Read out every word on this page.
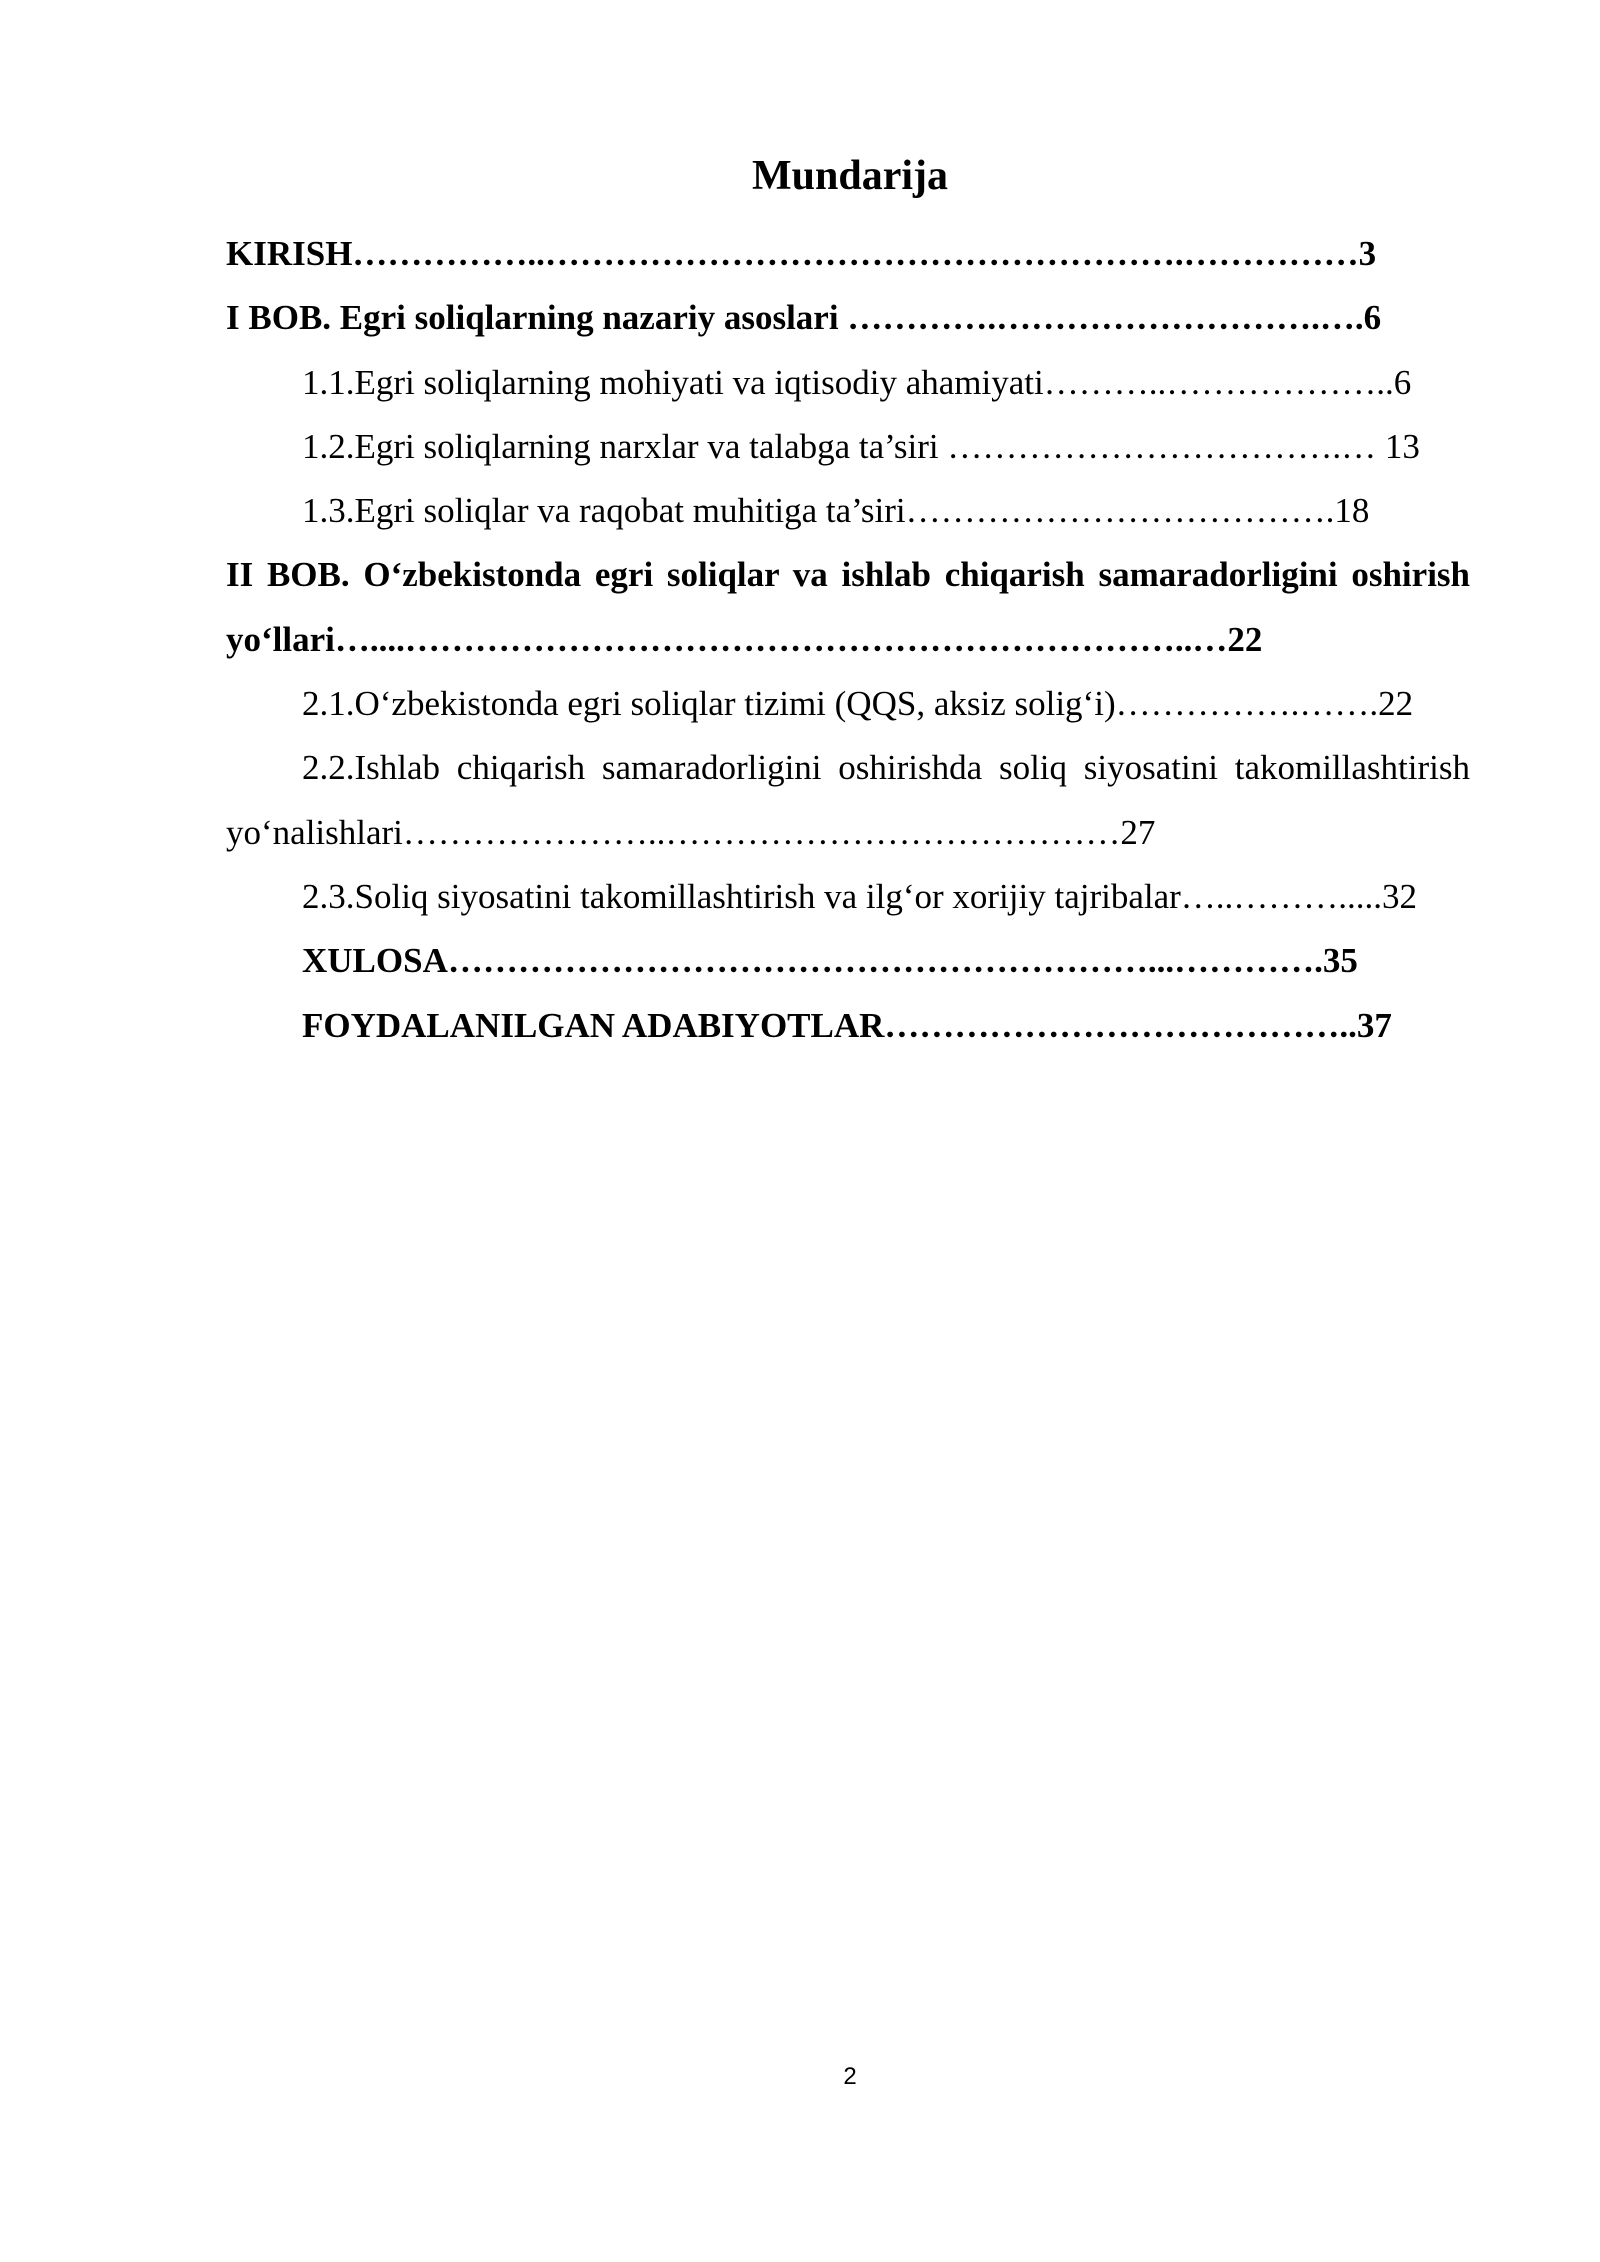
Mundarija

KIRISH……………..……………………………………………….……………3

I BOB. Egri soliqlarning nazariy asoslari ………….……………………….….6

1.1.Egri soliqlarning mohiyati va iqtisodiy ahamiyati………..………………..6

1.2.Egri soliqlarning narxlar va talabga ta’siri …………………………….… 13

1.3.Egri soliqlar va raqobat muhitiga ta’siri……………………………….18

II BOB. O‘zbekistonda egri soliqlar va ishlab chiqarish samaradorligini oshirish yo‘llari…....…………………………………………………………..…22

2.1.O‘zbekistonda egri soliqlar tizimi (QQS, aksiz solig‘i)…………….…….22

2.2.Ishlab chiqarish samaradorligini oshirishda soliq siyosatini takomillashtirish yo‘nalishlari…………………..…………………………………27

2.3.Soliq siyosatini takomillashtirish va ilg‘or xorijiy tajribalar…..……….....32

XULOSA……………………………………………………...………….35

FOYDALANILGAN ADABIYOTLAR…………………………………..37

2
